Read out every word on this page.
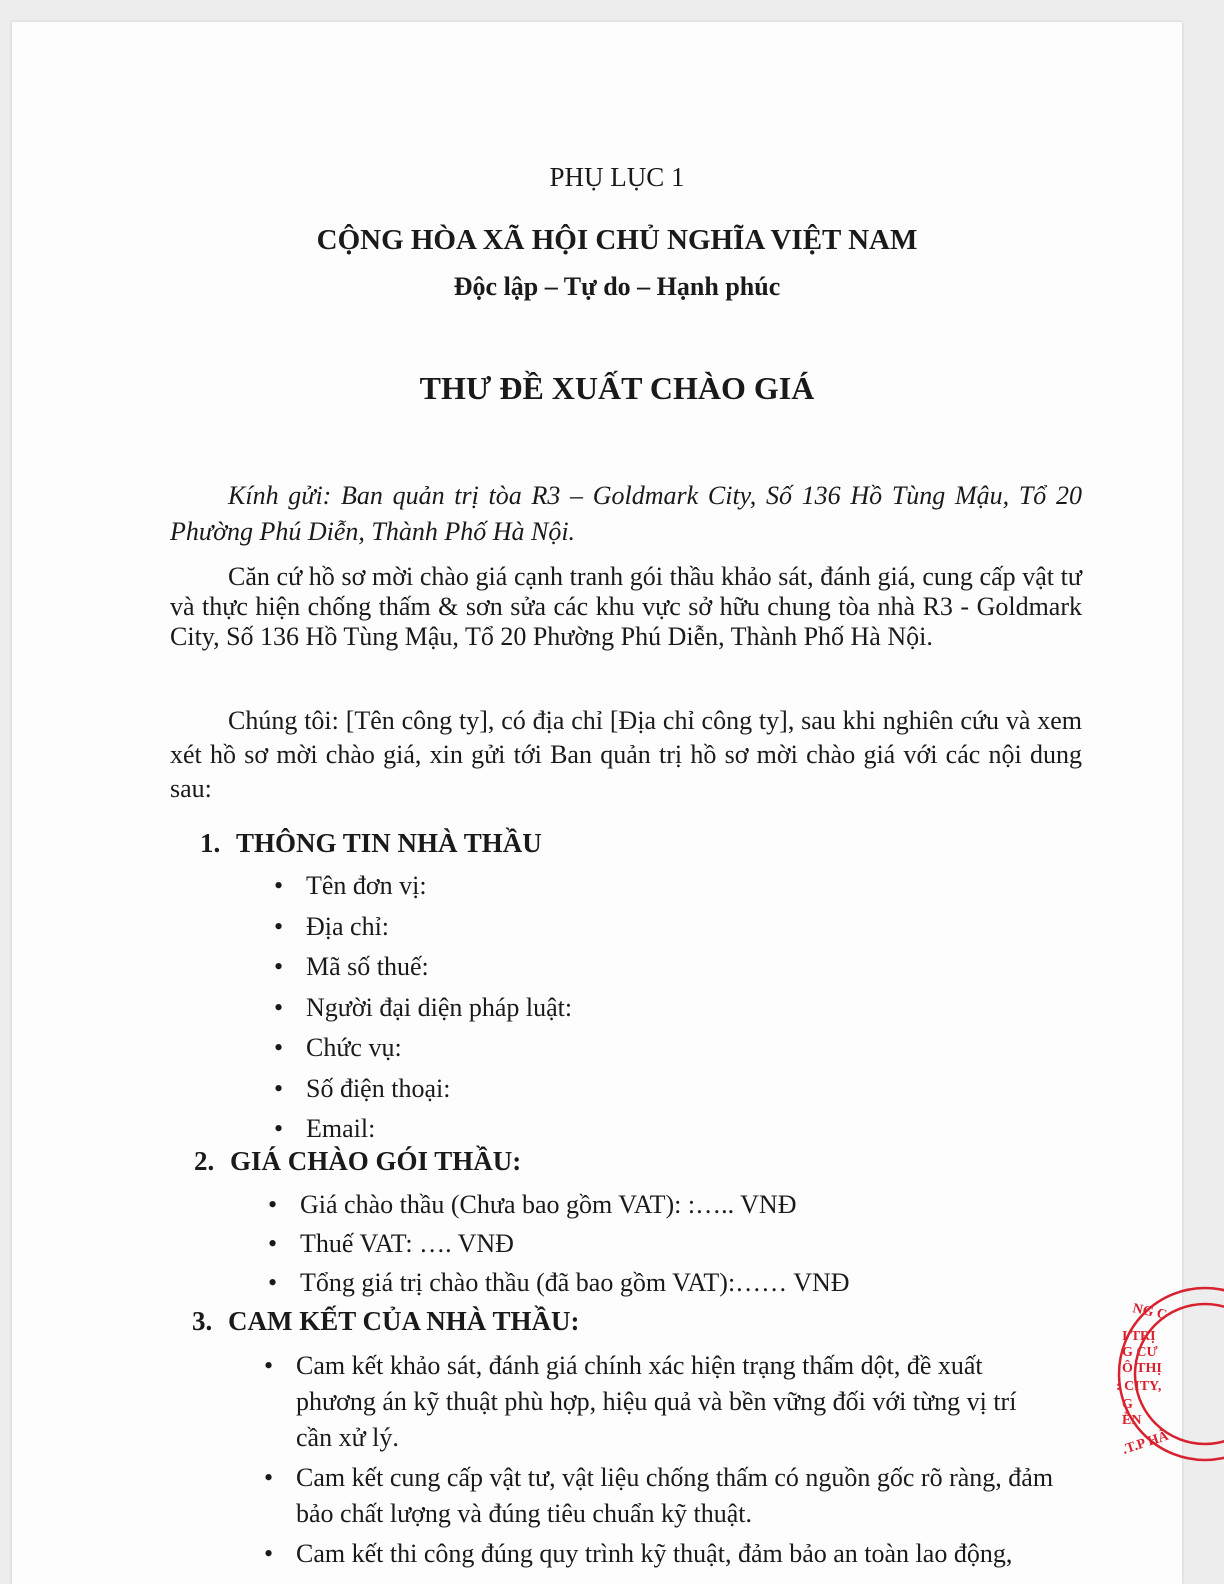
PHỤ LỤC 1
CỘNG HÒA XÃ HỘI CHỦ NGHĨA VIỆT NAM
Độc lập – Tự do – Hạnh phúc
THƯ ĐỀ XUẤT CHÀO GIÁ

Kính gửi: Ban quản trị tòa R3 – Goldmark City, Số 136 Hồ Tùng Mậu, Tổ 20 Phường Phú Diễn, Thành Phố Hà Nội.

Căn cứ hồ sơ mời chào giá cạnh tranh gói thầu khảo sát, đánh giá, cung cấp vật tư và thực hiện chống thấm & sơn sửa các khu vực sở hữu chung tòa nhà R3 - Goldmark City, Số 136 Hồ Tùng Mậu, Tổ 20 Phường Phú Diễn, Thành Phố Hà Nội.

Chúng tôi: [Tên công ty], có địa chỉ [Địa chỉ công ty], sau khi nghiên cứu và xem xét hồ sơ mời chào giá, xin gửi tới Ban quản trị hồ sơ mời chào giá với các nội dung sau:

1. THÔNG TIN NHÀ THẦU
• Tên đơn vị:
• Địa chỉ:
• Mã số thuế:
• Người đại diện pháp luật:
• Chức vụ:
• Số điện thoại:
• Email:
2. GIÁ CHÀO GÓI THẦU:
• Giá chào thầu (Chưa bao gồm VAT): :….. VNĐ
• Thuế VAT: …. VNĐ
• Tổng giá trị chào thầu (đã bao gồm VAT):…… VNĐ
3. CAM KẾT CỦA NHÀ THẦU:
• Cam kết khảo sát, đánh giá chính xác hiện trạng thấm dột, đề xuất phương án kỹ thuật phù hợp, hiệu quả và bền vững đối với từng vị trí cần xử lý.
• Cam kết cung cấp vật tư, vật liệu chống thấm có nguồn gốc rõ ràng, đảm bảo chất lượng và đúng tiêu chuẩn kỹ thuật.
• Cam kết thi công đúng quy trình kỹ thuật, đảm bảo an toàn lao động,
NG C
I TRỊ
G CƯ
Ô THỊ
: CITY,
G
ỄN
.T.P HÀ
